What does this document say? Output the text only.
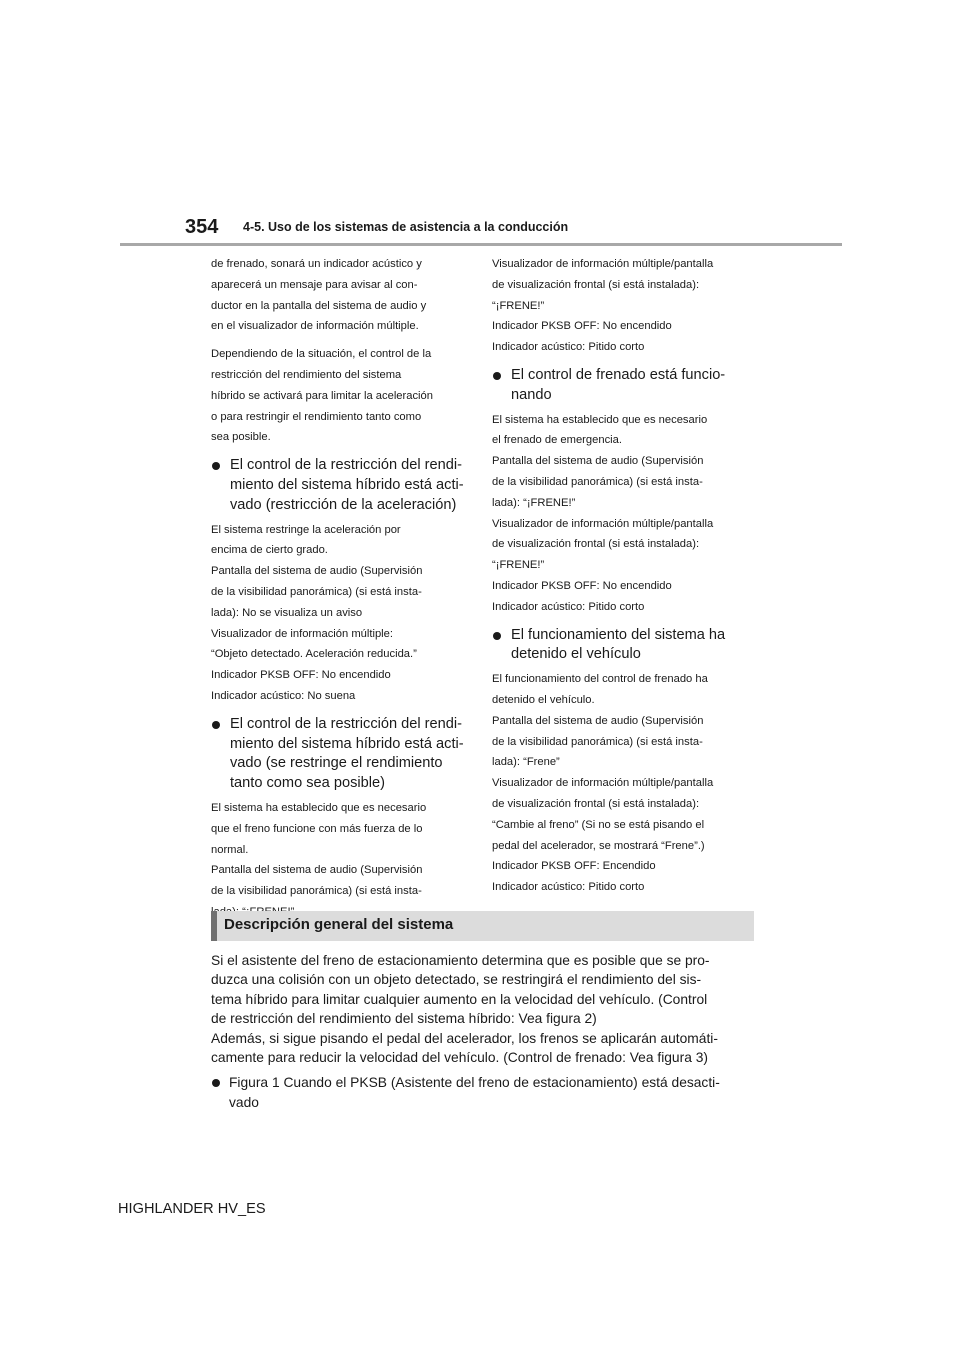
354 4-5. Uso de los sistemas de asistencia a la conducción
de frenado, sonará un indicador acústico y
aparecerá un mensaje para avisar al con-
ductor en la pantalla del sistema de audio y
en el visualizador de información múltiple.
Dependiendo de la situación, el control de la
restricción del rendimiento del sistema
híbrido se activará para limitar la aceleración
o para restringir el rendimiento tanto como
sea posible.
El control de la restricción del rendi-
miento del sistema híbrido está acti-
vado (restricción de la aceleración)
El sistema restringe la aceleración por
encima de cierto grado.
Pantalla del sistema de audio (Supervisión
de la visibilidad panorámica) (si está insta-
lada): No se visualiza un aviso
Visualizador de información múltiple:
“Objeto detectado. Aceleración reducida.”
Indicador PKSB OFF: No encendido
Indicador acústico: No suena
El control de la restricción del rendi-
miento del sistema híbrido está acti-
vado (se restringe el rendimiento
tanto como sea posible)
El sistema ha establecido que es necesario
que el freno funcione con más fuerza de lo
normal.
Pantalla del sistema de audio (Supervisión
de la visibilidad panorámica) (si está insta-
Visualizador de información múltiple/pantalla
de visualización frontal (si está instalada):
“¡FRENE!”
Indicador PKSB OFF: No encendido
Indicador acústico: Pitido corto
El control de frenado está funcio-
nando
El sistema ha establecido que es necesario
el frenado de emergencia.
Pantalla del sistema de audio (Supervisión
de la visibilidad panorámica) (si está insta-
lada): “¡FRENE!”
Visualizador de información múltiple/pantalla
de visualización frontal (si está instalada):
“¡FRENE!”
Indicador PKSB OFF: No encendido
Indicador acústico: Pitido corto
El funcionamiento del sistema ha
detenido el vehículo
El funcionamiento del control de frenado ha
detenido el vehículo.
Pantalla del sistema de audio (Supervisión
de la visibilidad panorámica) (si está insta-
lada): “Frene”
Visualizador de información múltiple/pantalla
de visualización frontal (si está instalada):
“Cambie al freno” (Si no se está pisando el
pedal del acelerador, se mostrará “Frene”.)
Indicador PKSB OFF: Encendido
Indicador acústico: Pitido corto
Descripción general del sistema
Si el asistente del freno de estacionamiento determina que es posible que se pro-
duzca una colisión con un objeto detectado, se restringirá el rendimiento del sis-
tema híbrido para limitar cualquier aumento en la velocidad del vehículo. (Control
de restricción del rendimiento del sistema híbrido: Vea figura 2)
Además, si sigue pisando el pedal del acelerador, los frenos se aplicarán automáti-
camente para reducir la velocidad del vehículo. (Control de frenado: Vea figura 3)
Figura 1 Cuando el PKSB (Asistente del freno de estacionamiento) está desacti-
vado
HIGHLANDER HV_ES
